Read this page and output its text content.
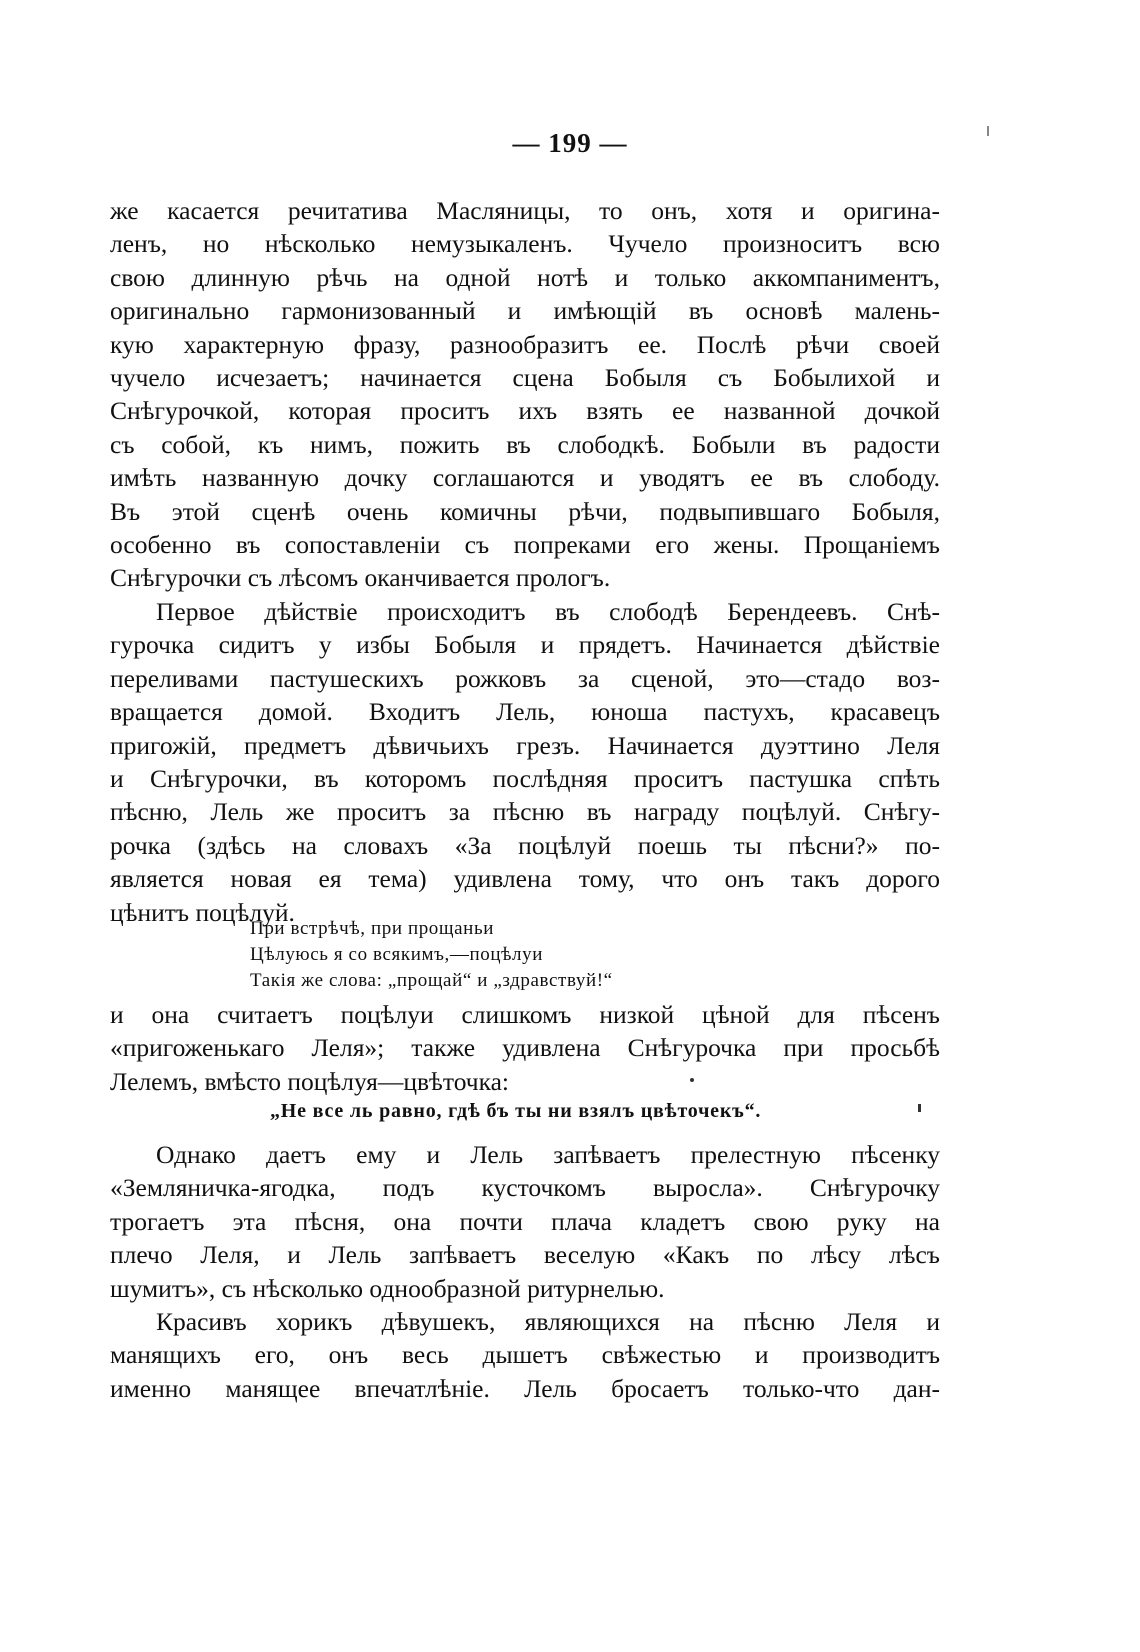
— 199 —
же касается речитатива Масляницы, то онъ, хотя и оригина-
ленъ, но нѣсколько немузыкаленъ. Чучело произноситъ всю
свою длинную рѣчь на одной нотѣ и только аккомпаниментъ,
оригинально гармонизованный и имѣющій въ основѣ малень-
кую характерную фразу, разнообразитъ ее. Послѣ рѣчи своей
чучело исчезаетъ; начинается сцена Бобыля съ Бобылихой и
Снѣгурочкой, которая проситъ ихъ взять ее названной дочкой
съ собой, къ нимъ, пожить въ слободкѣ. Бобыли въ радости
имѣть названную дочку соглашаются и уводятъ ее въ слободу.
Въ этой сценѣ очень комичны рѣчи, подвыпившаго Бобыля,
особенно въ сопоставленіи съ попреками его жены. Прощаніемъ
Снѣгурочки съ лѣсомъ оканчивается прологъ.
Первое дѣйствіе происходитъ въ слободѣ Берендеевъ. Снѣ-
гурочка сидитъ у избы Бобыля и прядетъ. Начинается дѣйствіе
переливами пастушескихъ рожковъ за сценой, это—стадо воз-
вращается домой. Входитъ Лель, юноша пастухъ, красавецъ
пригожій, предметъ дѣвичьихъ грезъ. Начинается дуэттино Леля
и Снѣгурочки, въ которомъ послѣдняя проситъ пастушка спѣть
пѣсню, Лель же проситъ за пѣсню въ награду поцѣлуй. Снѣгу-
рочка (здѣсь на словахъ «За поцѣлуй поешь ты пѣсни?» по-
является новая ея тема) удивлена тому, что онъ такъ дорого
цѣнитъ поцѣлуй.
При встрѣчѣ, при прощаньи
Цѣлуюсь я со всякимъ,—поцѣлуи
Такія же слова: „прощай“ и „здравствуй!“
и она считаетъ поцѣлуи слишкомъ низкой цѣной для пѣсенъ
«пригоженькаго Леля»; также удивлена Снѣгурочка при просьбѣ
Лелемъ, вмѣсто поцѣлуя—цвѣточка:
„Не все ль равно, гдѣ бъ ты ни взялъ цвѣточекъ“.
Однако даетъ ему и Лель запѣваетъ прелестную пѣсенку
«Земляничка-ягодка, подъ кусточкомъ выросла». Снѣгурочку
трогаетъ эта пѣсня, она почти плача кладетъ свою руку на
плечо Леля, и Лель запѣваетъ веселую «Какъ по лѣсу лѣсъ
шумитъ», съ нѣсколько однообразной ритурнелью.
Красивъ хорикъ дѣвушекъ, являющихся на пѣсню Леля и
манящихъ его, онъ весь дышетъ свѣжестью и производитъ
именно манящее впечатлѣніе. Лель бросаетъ только-что дан-
